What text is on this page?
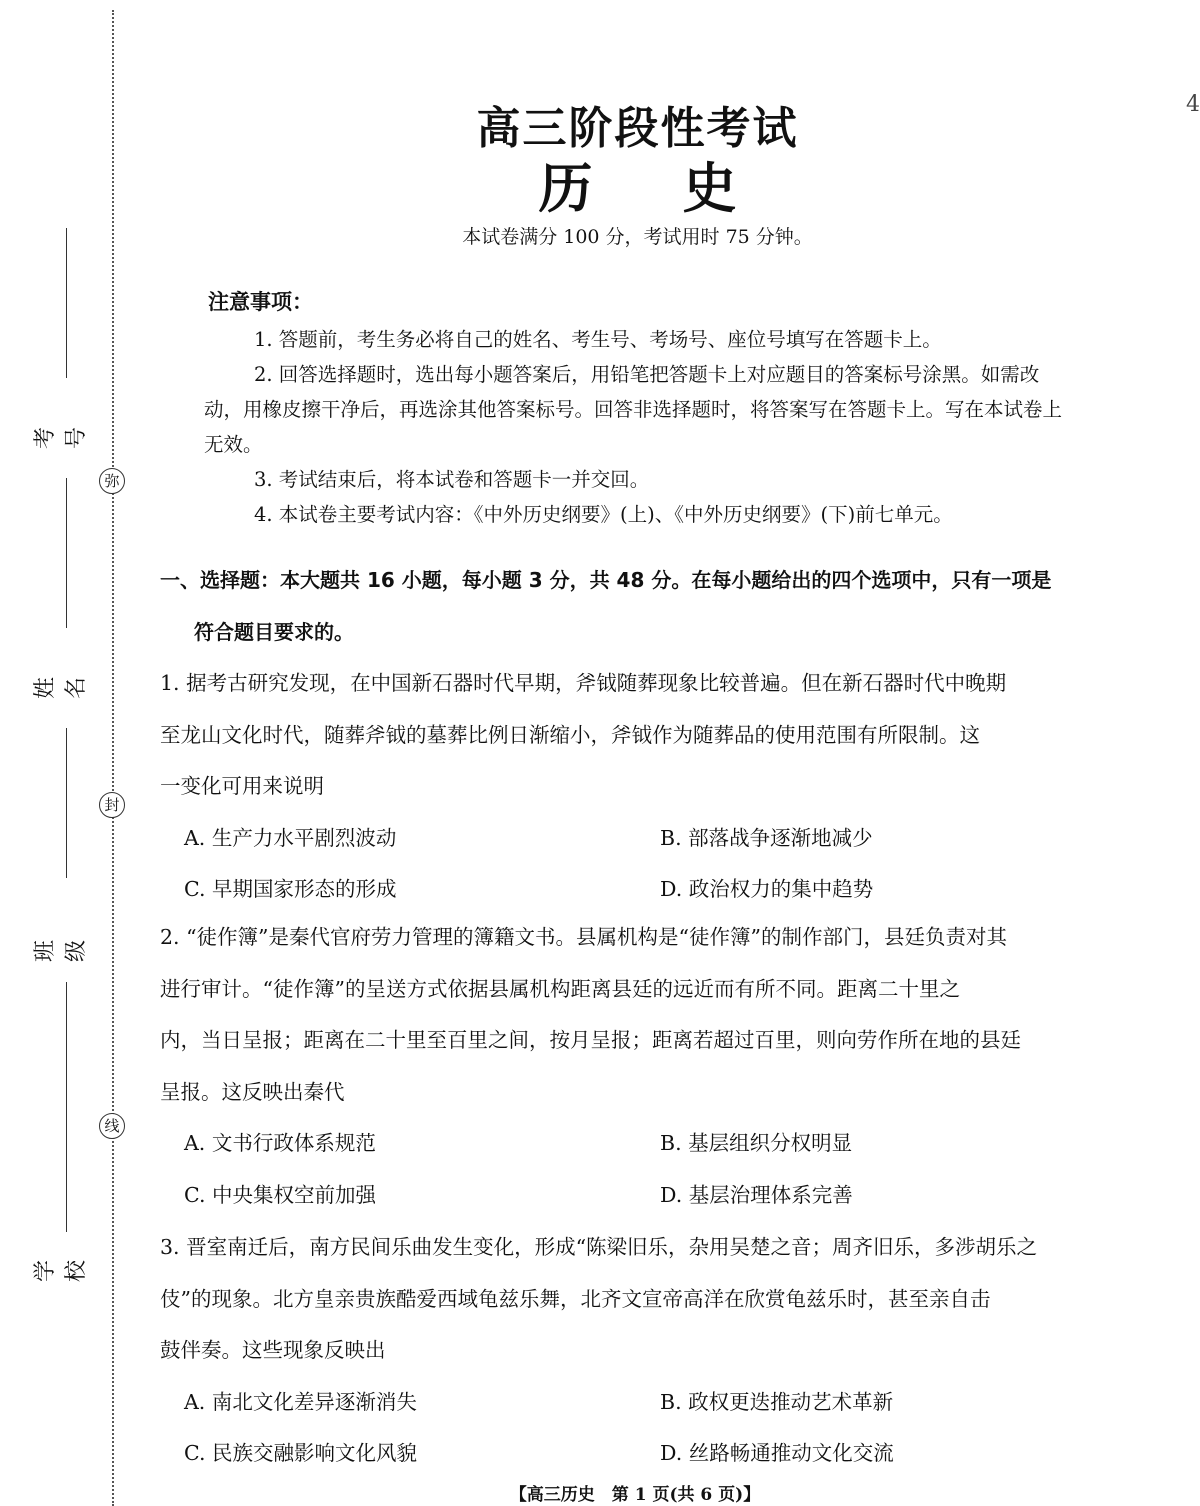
考号
弥
姓名
封
班级
线
学校
4
高三阶段性考试
历 史
本试卷满分 100 分，考试用时 75 分钟。
注意事项：

1. 答题前，考生务必将自己的姓名、考生号、考场号、座位号填写在答题卡上。

2. 回答选择题时，选出每小题答案后，用铅笔把答题卡上对应题目的答案标号涂黑。如需改动，用橡皮擦干净后，再选涂其他答案标号。回答非选择题时，将答案写在答题卡上。写在本试卷上无效。

3. 考试结束后，将本试卷和答题卡一并交回。

4. 本试卷主要考试内容：《中外历史纲要》(上)、《中外历史纲要》(下)前七单元。

一、选择题：本大题共 16 小题，每小题 3 分，共 48 分。在每小题给出的四个选项中，只有一项是
符合题目要求的。
1. 据考古研究发现，在中国新石器时代早期，斧钺随葬现象比较普遍。但在新石器时代中晚期
至龙山文化时代，随葬斧钺的墓葬比例日渐缩小，斧钺作为随葬品的使用范围有所限制。这
一变化可用来说明
A. 生产力水平剧烈波动	B. 部落战争逐渐地减少
C. 早期国家形态的形成	D. 政治权力的集中趋势
2. “徒作簿”是秦代官府劳力管理的簿籍文书。县属机构是“徒作簿”的制作部门，县廷负责对其
进行审计。“徒作簿”的呈送方式依据县属机构距离县廷的远近而有所不同。距离二十里之
内，当日呈报；距离在二十里至百里之间，按月呈报；距离若超过百里，则向劳作所在地的县廷
呈报。这反映出秦代
A. 文书行政体系规范	B. 基层组织分权明显
C. 中央集权空前加强	D. 基层治理体系完善
3. 晋室南迁后，南方民间乐曲发生变化，形成“陈梁旧乐，杂用吴楚之音；周齐旧乐，多涉胡乐之
伎”的现象。北方皇亲贵族酷爱西域龟兹乐舞，北齐文宣帝高洋在欣赏龟兹乐时，甚至亲自击
鼓伴奏。这些现象反映出
A. 南北文化差异逐渐消失	B. 政权更迭推动艺术革新
C. 民族交融影响文化风貌	D. 丝路畅通推动文化交流
【高三历史　第 1 页(共 6 页)】
